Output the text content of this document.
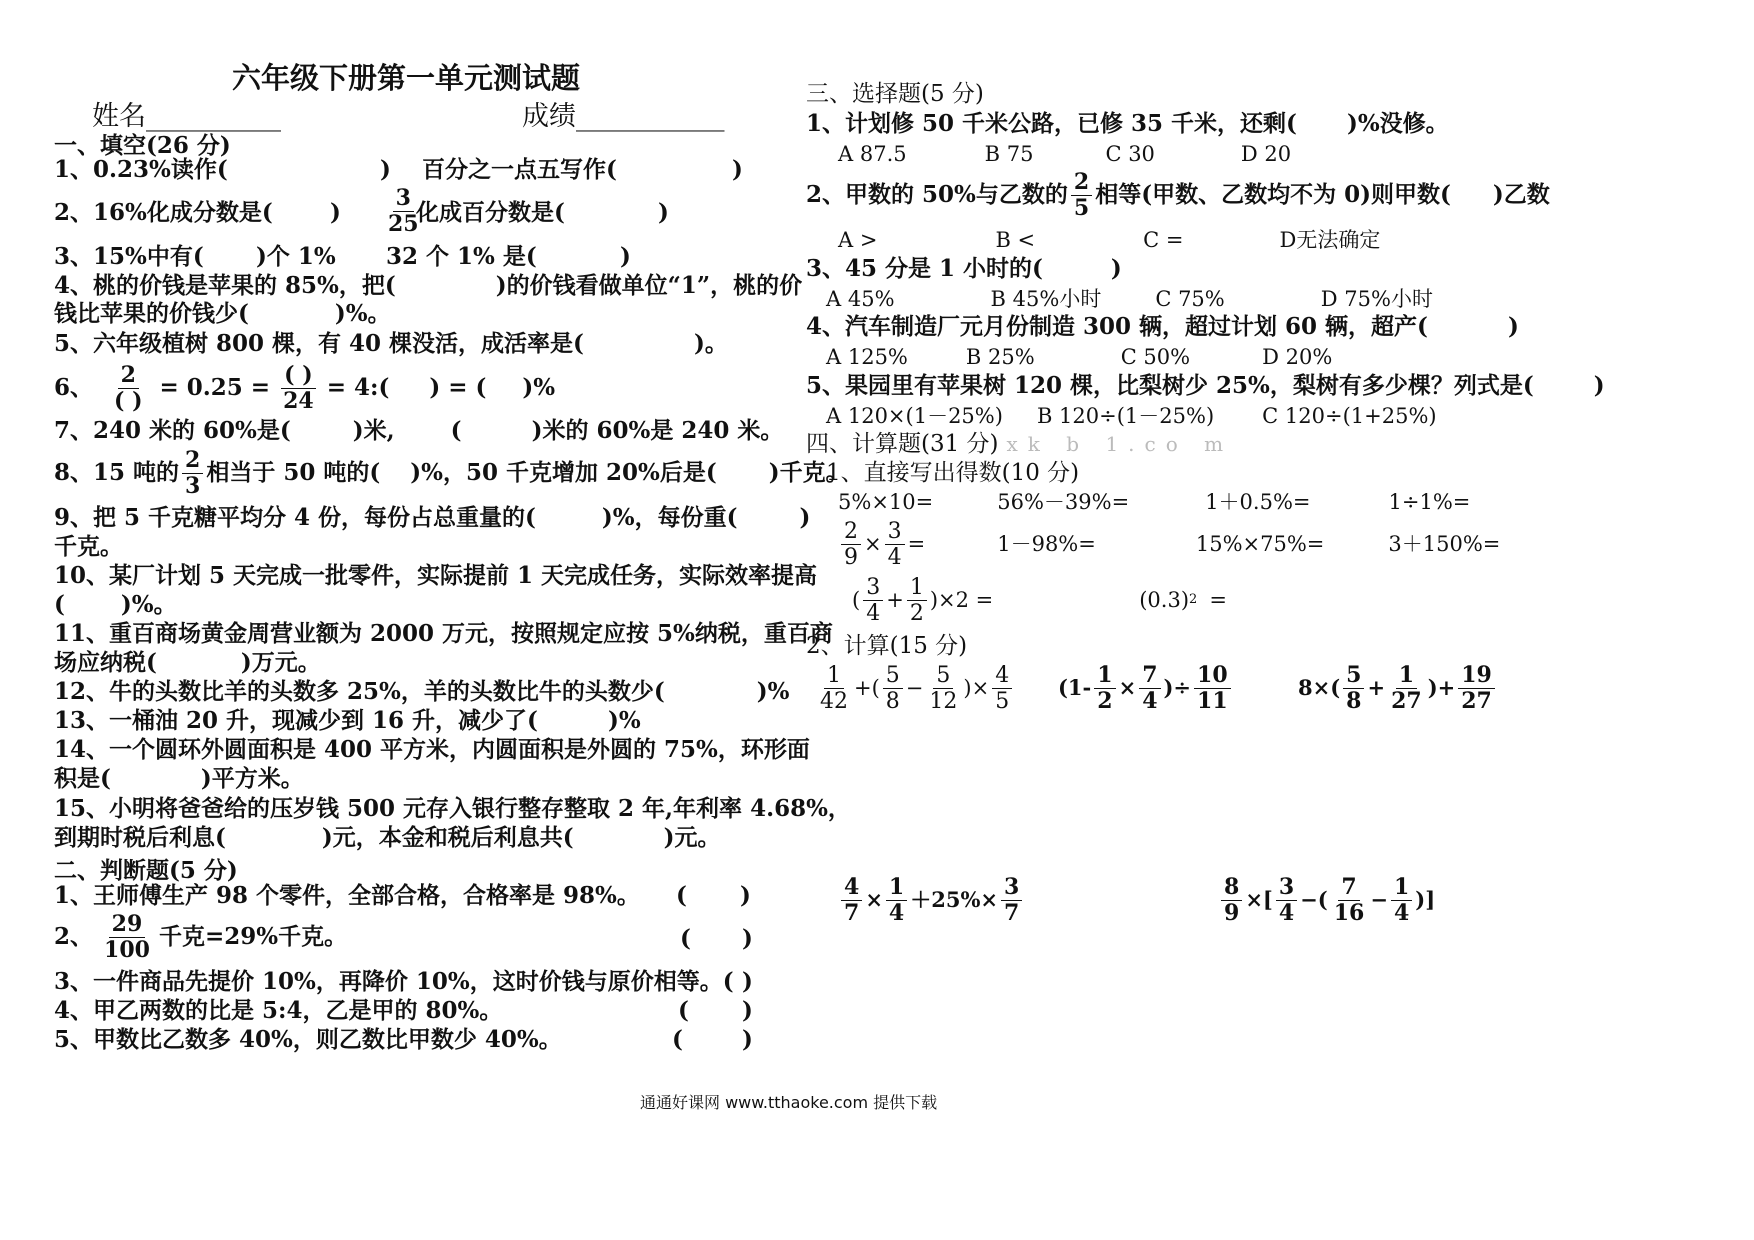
六年级下册第一单元测试题
姓名__________	成绩___________
一、填空(26 分)
1、0.23%读作(	) 百分之一点五写作(	)
2、16%化成分数是( ) $\frac{3}{25}$
化成百分数是(	)
3、15%中有( )个 1% 32 个 1% 是(	)
4、桃的价钱是苹果的 85%，把(	)的价钱看做单位“1”，桃的价
钱比苹果的价钱少(	)%。
5、六年级植树 800 棵，有 40 棵没活，成活率是(	)。
6、 $\frac{2}{( )} = 0.25 = \frac{( )}{24}$ = 4:( ) = ( )%
7、240 米的 60%是(	)米, (	)米的 60%是 240 米。
8、15 吨的 $\frac{2}{3}$ 相当于 50 吨的( )%，50 千克增加 20%后是( )千克。
9、把 5 千克糖平均分 4 份，每份占总重量的(	)%，每份重(	)
千克。
10、某厂计划 5 天完成一批零件，实际提前 1 天完成任务，实际效率提高
( )%。
11、重百商场黄金周营业额为 2000 万元，按照规定应按 5%纳税，重百商
场应纳税(	)万元。
12、牛的头数比羊的头数多 25%，羊的头数比牛的头数少(	)%
13、一桶油 20 升，现减少到 16 升，减少了(	)%
14、一个圆环外圆面积是 400 平方米，内圆面积是外圆的 75%，环形面
积是(	)平方米。
15、小明将爸爸给的压岁钱 500 元存入银行整存整取 2 年,年利率 4.68%，
到期时税后利息(	)元，本金和税后利息共(	)元。
二、判断题(5 分)
1、王师傅生产 98 个零件，全部合格，合格率是 98%。 ( )
2、 $\frac{29}{100}$ 千克=29%千克。	( )
3、一件商品先提价 10%，再降价 10%，这时价钱与原价相等。( )
4、甲乙两数的比是 5:4，乙是甲的 80%。	( )
5、甲数比乙数多 40%，则乙数比甲数少 40%。	(	)
三、选择题(5 分)
1、计划修 50 千米公路，已修 35 千米，还剩( )%没修。
A 87.5	B 75	C 30	D 20
2、甲数的 50%与乙数的 $\frac{2}{5}$ 相等(甲数、乙数均不为 0)则甲数( )乙数
A >	B <	C =	D无法确定
3、45 分是 1 小时的(	)
A 45%	B 45%小时	C 75%	D 75%小时
4、汽车制造厂元月份制造 300 辆，超过计划 60 辆，超产(	)
A 125%	B 25%	C 50%	D 20%
5、果园里有苹果树 120 棵，比梨树少 25%，梨树有多少棵？列式是(	)
A 120×(1－25%) B 120÷(1－25%) C 120÷(1+25%)
四、计算题(31 分) xk b 1.co m
1、直接写出得数(10 分)
5%×10=	56%－39%=	1＋0.5%=	1÷1%=
$\frac{2}{9} \times \frac{3}{4}$ =	1－98%=	15%×75%=	3＋150%=
( $\frac{3}{4} + \frac{1}{2} )\times 2$ =	(0.3) 2 =
2、计算(15 分)
$\frac{1}{42}$ +( $\frac{5}{8} - \frac{5}{12}$ )× $\frac{4}{5} (1- \frac{1}{2} \times \frac{7}{4}$ )÷ $\frac{10}{11}$	$8\times( \frac{5}{8} + \frac{1}{27}$ )+ $\frac{19}{27}$
$\frac{4}{7} \times \frac{1}{4} +25\%\times \frac{3}{7}$	$\frac{8}{9}$ ×[ $\frac{3}{4}$ −( $\frac{7}{16} - \frac{1}{4}$ )]
通通好课网 www.tthaoke.com 提供下载
